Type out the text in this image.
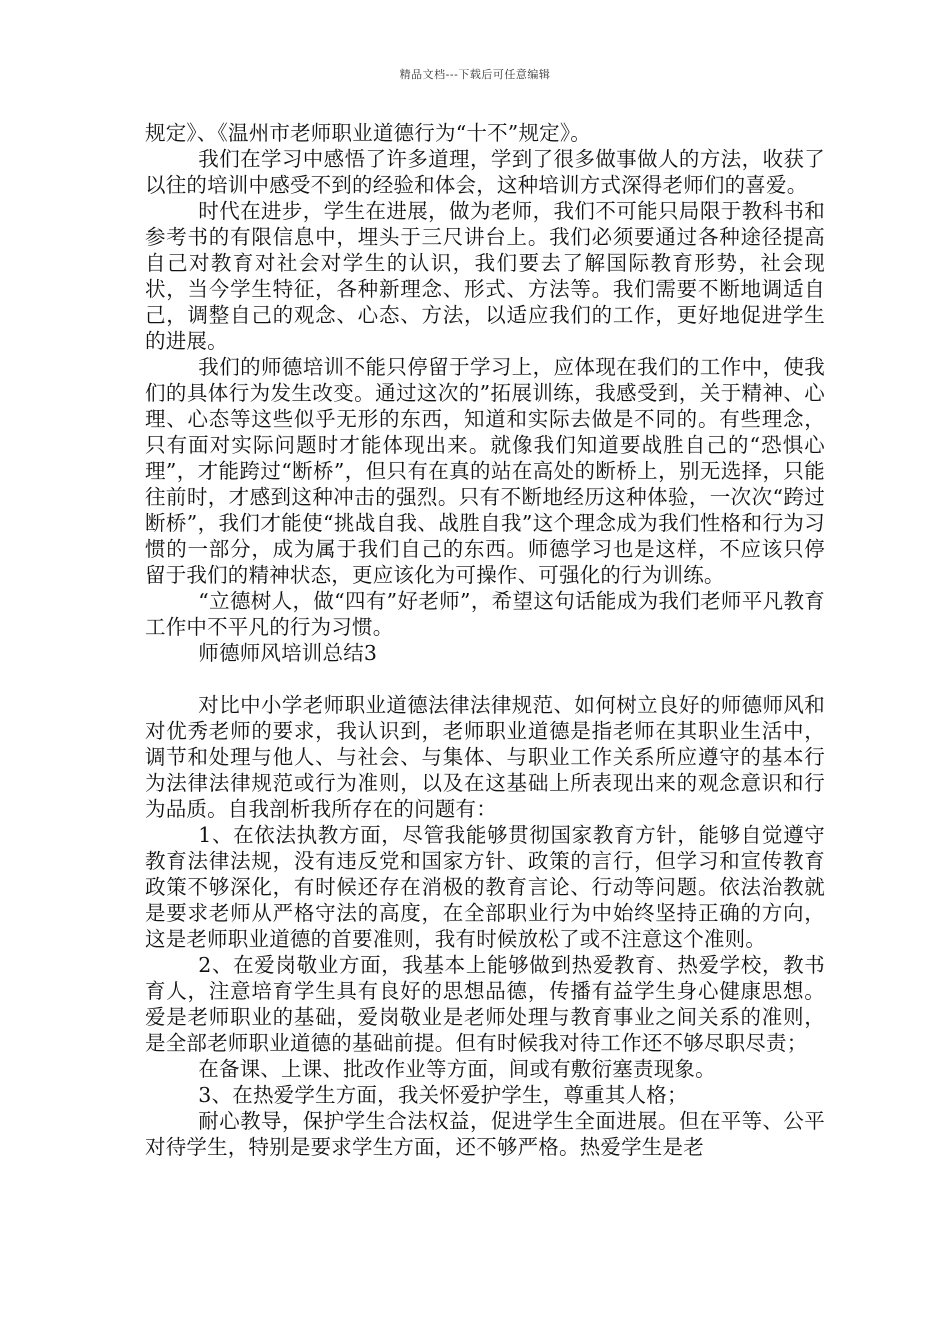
精品文档---下载后可任意编辑

规定》、《温州市老师职业道德行为“十不”规定》。

我们在学习中感悟了许多道理，学到了很多做事做人的方法，收获了以往的培训中感受不到的经验和体会，这种培训方式深得老师们的喜爱。

时代在进步，学生在进展，做为老师，我们不可能只局限于教科书和参考书的有限信息中，埋头于三尺讲台上。我们必须要通过各种途径提高自己对教育对社会对学生的认识，我们要去了解国际教育形势，社会现状，当今学生特征，各种新理念、形式、方法等。我们需要不断地调适自己，调整自己的观念、心态、方法，以适应我们的工作，更好地促进学生的进展。

我们的师德培训不能只停留于学习上，应体现在我们的工作中，使我们的具体行为发生改变。通过这次的”拓展训练，我感受到，关于精神、心理、心态等这些似乎无形的东西，知道和实际去做是不同的。有些理念，只有面对实际问题时才能体现出来。就像我们知道要战胜自己的“恐惧心理”，才能跨过“断桥”，但只有在真的站在高处的断桥上，别无选择，只能往前时，才感到这种冲击的强烈。只有不断地经历这种体验，一次次“跨过断桥”，我们才能使“挑战自我、战胜自我”这个理念成为我们性格和行为习惯的一部分，成为属于我们自己的东西。师德学习也是这样，不应该只停留于我们的精神状态，更应该化为可操作、可强化的行为训练。

“立德树人，做“四有”好老师”，希望这句话能成为我们老师平凡教育工作中不平凡的行为习惯。

师德师风培训总结3

对比中小学老师职业道德法律法律规范、如何树立良好的师德师风和对优秀老师的要求，我认识到，老师职业道德是指老师在其职业生活中，调节和处理与他人、与社会、与集体、与职业工作关系所应遵守的基本行为法律法律规范或行为准则，以及在这基础上所表现出来的观念意识和行为品质。自我剖析我所存在的问题有：

1、在依法执教方面，尽管我能够贯彻国家教育方针，能够自觉遵守教育法律法规，没有违反党和国家方针、政策的言行，但学习和宣传教育政策不够深化，有时候还存在消极的教育言论、行动等问题。依法治教就是要求老师从严格守法的高度，在全部职业行为中始终坚持正确的方向，这是老师职业道德的首要准则，我有时候放松了或不注意这个准则。

2、在爱岗敬业方面，我基本上能够做到热爱教育、热爱学校，教书育人，注意培育学生具有良好的思想品德，传播有益学生身心健康思想。爱是老师职业的基础，爱岗敬业是老师处理与教育事业之间关系的准则，是全部老师职业道德的基础前提。但有时候我对待工作还不够尽职尽责；

在备课、上课、批改作业等方面，间或有敷衍塞责现象。

3、在热爱学生方面，我关怀爱护学生，尊重其人格；

耐心教导，保护学生合法权益，促进学生全面进展。但在平等、公平对待学生，特别是要求学生方面，还不够严格。热爱学生是老
